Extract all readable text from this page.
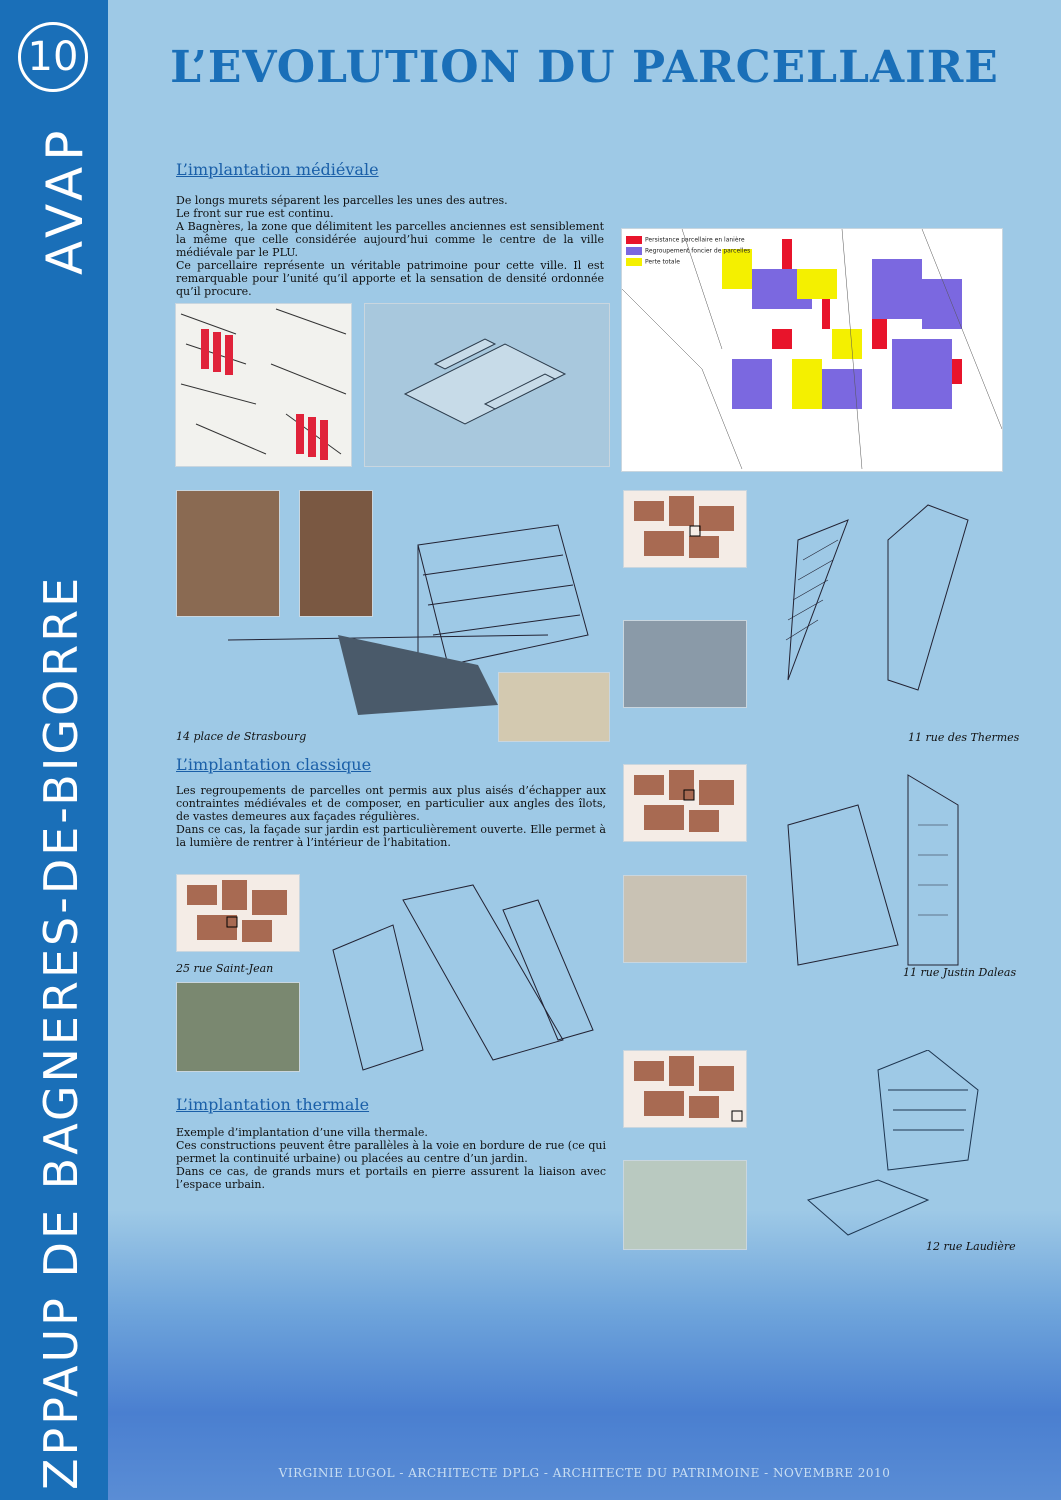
10
AVAP
ZPPAUP DE BAGNERES-DE-BIGORRE
L’EVOLUTION DU PARCELLAIRE
L’implantation médiévale

De longs murets séparent les parcelles les unes des autres.

Le front sur rue est continu.

A Bagnères, la zone que délimitent les parcelles anciennes est sensiblement la même que celle considérée aujourd’hui comme le centre de la ville médiévale par le PLU.

Ce parcellaire représente un véritable patrimoine pour cette ville. Il est remarquable pour l’unité qu’il apporte et la sensation de densité ordonnée qu’il procure.

Persistance parcellaire en lanière
Regroupement foncier de parcelles
Perte totale
14 place de Strasbourg	11 rue des Thermes
L’implantation classique

Les regroupements de parcelles ont permis aux plus aisés d’échapper aux contraintes médiévales et de composer, en particulier aux angles des îlots, de vastes demeures aux façades régulières.

Dans ce cas, la façade sur jardin est particulièrement ouverte. Elle permet à la lumière de rentrer à l’intérieur de l’habitation.

25 rue Saint-Jean	11 rue Justin Daleas
L’implantation thermale

Exemple d’implantation d’une villa thermale.

Ces constructions peuvent être parallèles à la voie en bordure de rue (ce qui permet la continuité urbaine) ou placées au centre d’un jardin.

Dans ce cas, de grands murs et portails en pierre assurent la liaison avec l’espace urbain.

12 rue Laudière
VIRGINIE LUGOL - ARCHITECTE DPLG - ARCHITECTE DU PATRIMOINE - NOVEMBRE 2010
